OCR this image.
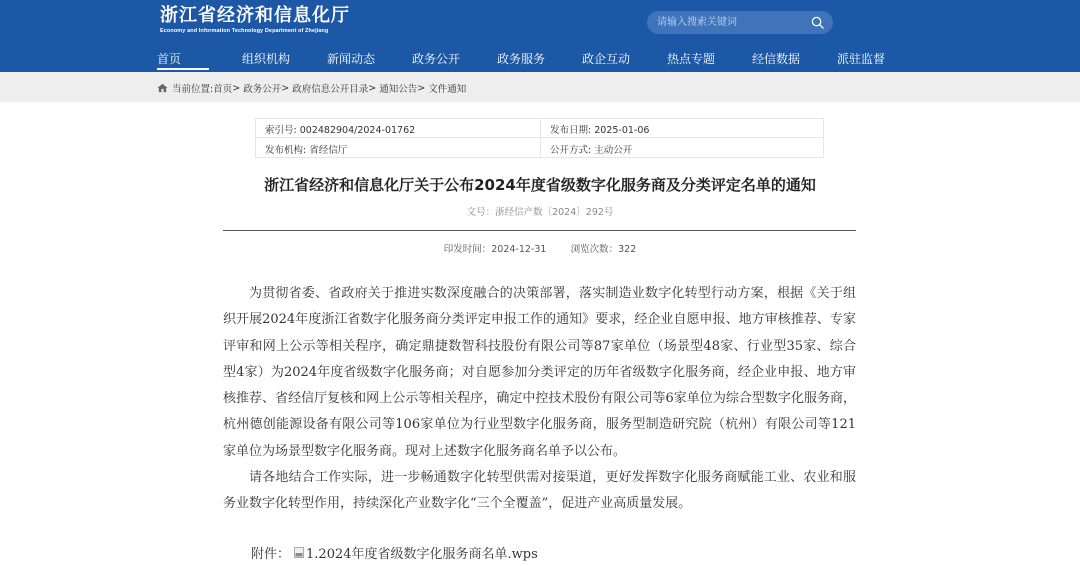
浙江省经济和信息化厅
Economy and Information Technology Department of Zhejiang
请输入搜索关键词
首页	组织机构	新闻动态	政务公开	政务服务	政企互动	热点专题	经信数据	派驻监督
当前位置: 首页 >
政务公开 >
政府信息公开目录 >
通知公告 >
文件通知
索引号: 002482904/2024-01762	发布日期: 2025-01-06
发布机构: 省经信厅	公开方式: 主动公开
浙江省经济和信息化厅关于公布2024年度省级数字化服务商及分类评定名单的通知
文号：浙经信产数〔2024〕292号
印发时间：2024-12-31	浏览次数：322

为贯彻省委、省政府关于推进实数深度融合的决策部署，落实制造业数字化转型行动方案，根据《关于组织开展2024年度浙江省数字化服务商分类评定申报工作的通知》要求，经企业自愿申报、地方审核推荐、专家评审和网上公示等相关程序，确定鼎捷数智科技股份有限公司等87家单位（场景型48家、行业型35家、综合型4家）为2024年度省级数字化服务商；对自愿参加分类评定的历年省级数字化服务商，经企业申报、地方审核推荐、省经信厅复核和网上公示等相关程序，确定中控技术股份有限公司等6家单位为综合型数字化服务商，杭州德创能源设备有限公司等106家单位为行业型数字化服务商，服务型制造研究院（杭州）有限公司等121家单位为场景型数字化服务商。现对上述数字化服务商名单予以公布。

请各地结合工作实际，进一步畅通数字化转型供需对接渠道，更好发挥数字化服务商赋能工业、农业和服务业数字化转型作用，持续深化产业数字化“三个全覆盖”，促进产业高质量发展。

附件： 1.2024年度省级数字化服务商名单.wps
